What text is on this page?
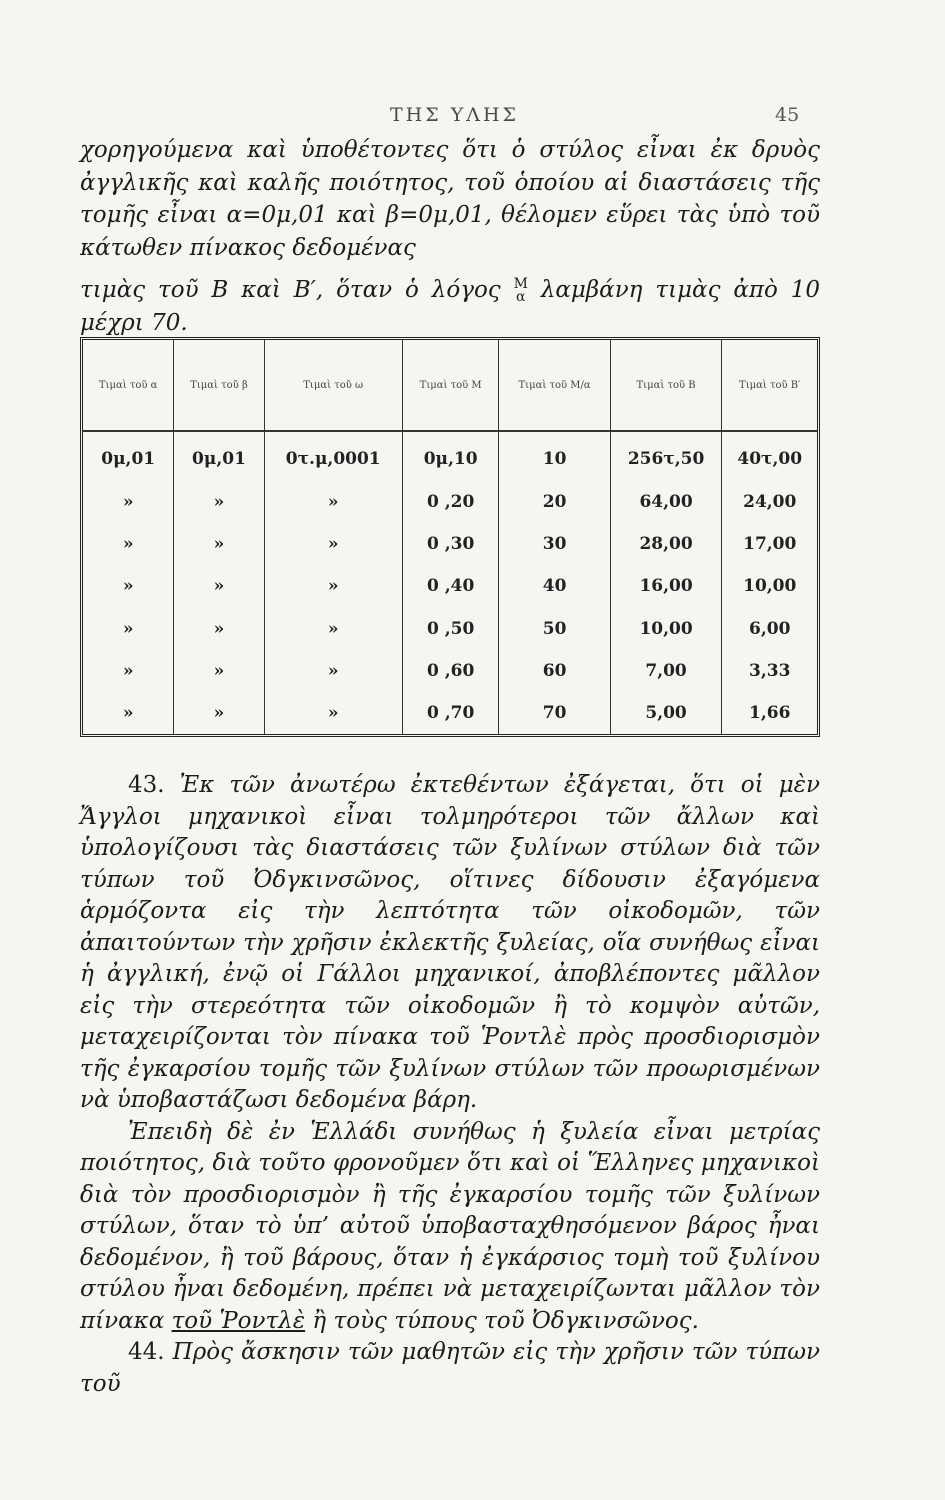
ΤΗΣ ΥΛΗΣ	45

χορηγούμενα καὶ ὑποθέτοντες ὅτι ὁ στύλος εἶναι ἐκ δρυὸς ἀγγλικῆς καὶ καλῆς ποιότητος, τοῦ ὁποίου αἱ διαστάσεις τῆς τομῆς εἶναι α=0μ,01 καὶ β=0μ,01, θέλομεν εὕρει τὰς ὑπὸ τοῦ κάτωθεν πίνακος δεδομένας

τιμὰς τοῦ B καὶ B′, ὅταν ὁ λόγος M
α λαμβάνη τιμὰς ἀπὸ 10 μέχρι 70.

Τιμαὶ τοῦ α	Τιμαὶ τοῦ β	Τιμαὶ τοῦ ω	Τιμαὶ τοῦ M	Τιμαὶ τοῦ M/α	Τιμαὶ τοῦ B	Τιμαὶ τοῦ B′
0μ,01	0μ,01	0τ.μ,0001	0μ,10	10	256τ,50	40τ,00
»	»	»	0 ,20	20	64,00	24,00
»	»	»	0 ,30	30	28,00	17,00
»	»	»	0 ,40	40	16,00	10,00
»	»	»	0 ,50	50	10,00	6,00
»	»	»	0 ,60	60	7,00	3,33
»	»	»	0 ,70	70	5,00	1,66

43. Ἐκ τῶν ἀνωτέρω ἐκτεθέντων ἐξάγεται, ὅτι οἱ μὲν Ἄγγλοι μηχανικοὶ εἶναι τολμηρότεροι τῶν ἄλλων καὶ ὑπολογίζουσι τὰς διαστάσεις τῶν ξυλίνων στύλων διὰ τῶν τύπων τοῦ Ὀδγκινσῶνος, οἵτινες δίδουσιν ἐξαγόμενα ἁρμόζοντα εἰς τὴν λεπτότητα τῶν οἰκοδομῶν, τῶν ἀπαιτούντων τὴν χρῆσιν ἐκλεκτῆς ξυλείας, οἵα συνήθως εἶναι ἡ ἀγγλική, ἐνῷ οἱ Γάλλοι μηχανικοί, ἀποβλέποντες μᾶλλον εἰς τὴν στερεότητα τῶν οἰκοδομῶν ἢ τὸ κομψὸν αὐτῶν, μεταχειρίζονται τὸν πίνακα τοῦ Ῥοντλὲ πρὸς προσδιορισμὸν τῆς ἐγκαρσίου τομῆς τῶν ξυλίνων στύλων τῶν προωρισμένων νὰ ὑποβαστάζωσι δεδομένα βάρη.

Ἐπειδὴ δὲ ἐν Ἑλλάδι συνήθως ἡ ξυλεία εἶναι μετρίας ποιότητος, διὰ τοῦτο φρονοῦμεν ὅτι καὶ οἱ Ἕλληνες μηχανικοὶ διὰ τὸν προσδιορισμὸν ἢ τῆς ἐγκαρσίου τομῆς τῶν ξυλίνων στύλων, ὅταν τὸ ὑπ’ αὐτοῦ ὑποβασταχθησόμενον βάρος ἦναι δεδομένον, ἢ τοῦ βάρους, ὅταν ἡ ἐγκάρσιος τομὴ τοῦ ξυλίνου στύλου ἦναι δεδομένη, πρέπει νὰ μεταχειρίζωνται μᾶλλον τὸν πίνακα τοῦ Ῥοντλὲ ἢ τοὺς τύπους τοῦ Ὀδγκινσῶνος.

44. Πρὸς ἄσκησιν τῶν μαθητῶν εἰς τὴν χρῆσιν τῶν τύπων τοῦ
